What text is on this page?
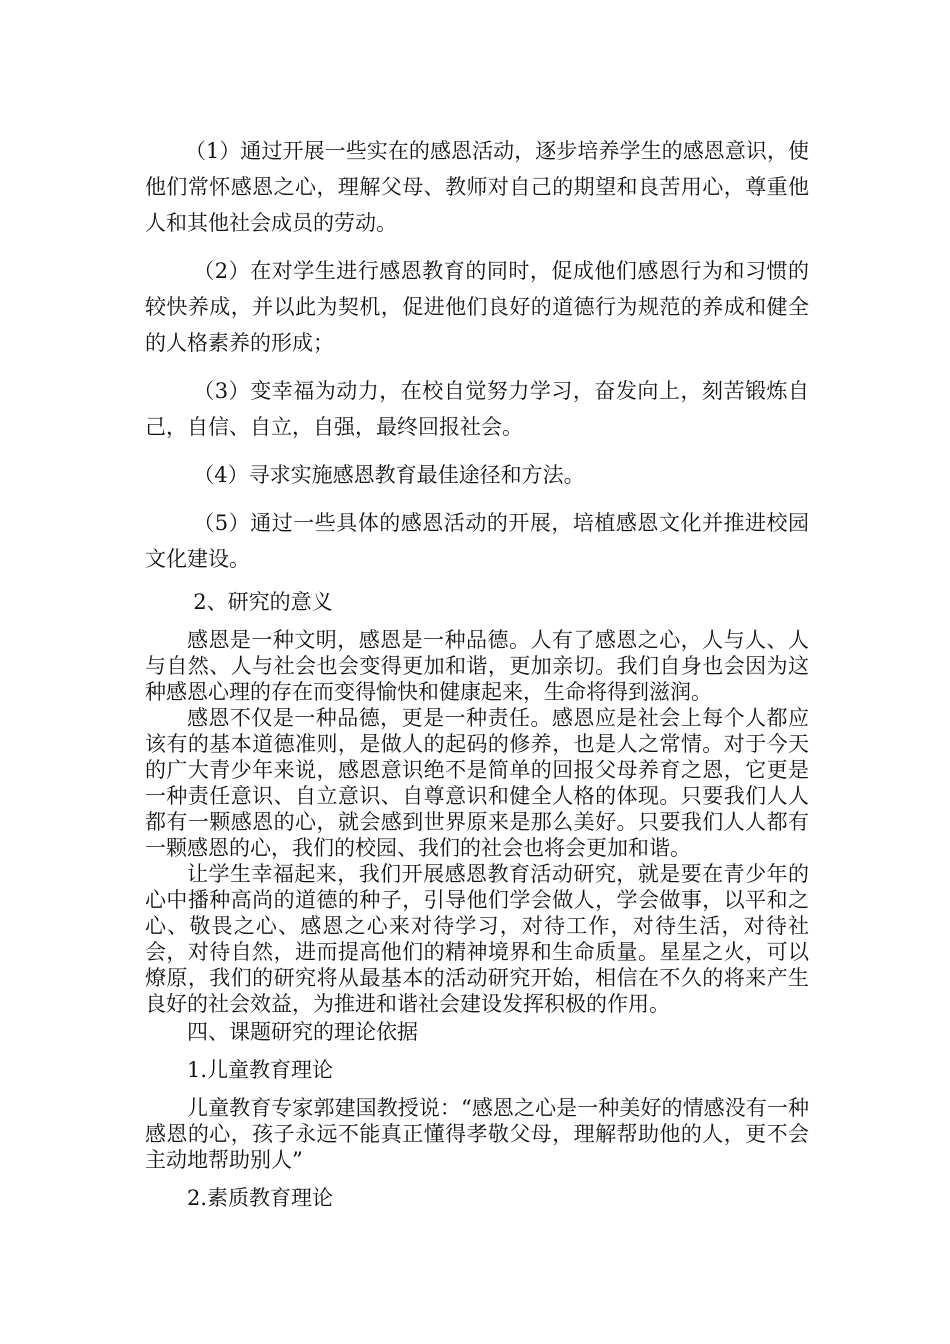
（1）通过开展一些实在的感恩活动，逐步培养学生的感恩意识，使他们常怀感恩之心，理解父母、教师对自己的期望和良苦用心，尊重他人和其他社会成员的劳动。

（2）在对学生进行感恩教育的同时，促成他们感恩行为和习惯的较快养成，并以此为契机，促进他们良好的道德行为规范的养成和健全的人格素养的形成；

（3）变幸福为动力，在校自觉努力学习，奋发向上，刻苦锻炼自己，自信、自立，自强，最终回报社会。

（4）寻求实施感恩教育最佳途径和方法。

（5）通过一些具体的感恩活动的开展，培植感恩文化并推进校园文化建设。

2、研究的意义

感恩是一种文明，感恩是一种品德。人有了感恩之心，人与人、人与自然、人与社会也会变得更加和谐，更加亲切。我们自身也会因为这种感恩心理的存在而变得愉快和健康起来，生命将得到滋润。

感恩不仅是一种品德，更是一种责任。感恩应是社会上每个人都应该有的基本道德准则，是做人的起码的修养，也是人之常情。对于今天的广大青少年来说，感恩意识绝不是简单的回报父母养育之恩，它更是一种责任意识、自立意识、自尊意识和健全人格的体现。只要我们人人都有一颗感恩的心，就会感到世界原来是那么美好。只要我们人人都有一颗感恩的心，我们的校园、我们的社会也将会更加和谐。

让学生幸福起来，我们开展感恩教育活动研究，就是要在青少年的心中播种高尚的道德的种子，引导他们学会做人，学会做事，以平和之心、敬畏之心、感恩之心来对待学习，对待工作，对待生活，对待社会，对待自然，进而提高他们的精神境界和生命质量。星星之火，可以燎原，我们的研究将从最基本的活动研究开始，相信在不久的将来产生良好的社会效益，为推进和谐社会建设发挥积极的作用。

四、课题研究的理论依据

1.儿童教育理论

儿童教育专家郭建国教授说：“感恩之心是一种美好的情感没有一种感恩的心，孩子永远不能真正懂得孝敬父母，理解帮助他的人，更不会主动地帮助别人”

2.素质教育理论
